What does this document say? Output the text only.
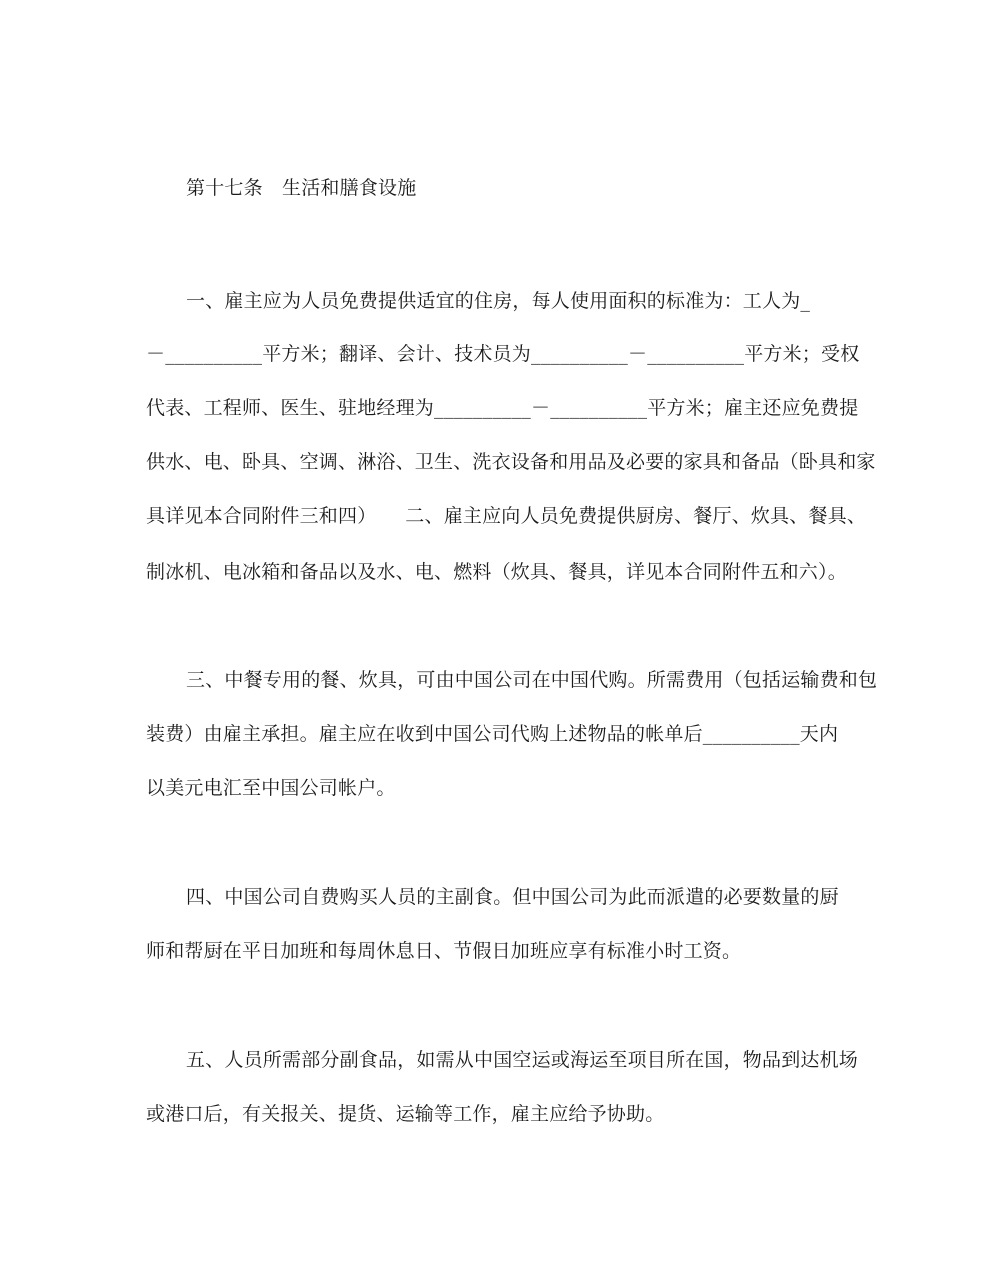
第十七条　生活和膳食设施
一、雇主应为人员免费提供适宜的住房，每人使用面积的标准为：工人为_
－__________平方米；翻译、会计、技术员为__________－__________平方米；受权
代表、工程师、医生、驻地经理为__________－__________平方米；雇主还应免费提
供水、电、卧具、空调、淋浴、卫生、洗衣设备和用品及必要的家具和备品（卧具和家
具详见本合同附件三和四）　　二、雇主应向人员免费提供厨房、餐厅、炊具、餐具、
制冰机、电冰箱和备品以及水、电、燃料（炊具、餐具，详见本合同附件五和六）。
三、中餐专用的餐、炊具，可由中国公司在中国代购。所需费用（包括运输费和包
装费）由雇主承担。雇主应在收到中国公司代购上述物品的帐单后__________天内
以美元电汇至中国公司帐户。
四、中国公司自费购买人员的主副食。但中国公司为此而派遣的必要数量的厨
师和帮厨在平日加班和每周休息日、节假日加班应享有标准小时工资。
五、人员所需部分副食品，如需从中国空运或海运至项目所在国，物品到达机场
或港口后，有关报关、提货、运输等工作，雇主应给予协助。
